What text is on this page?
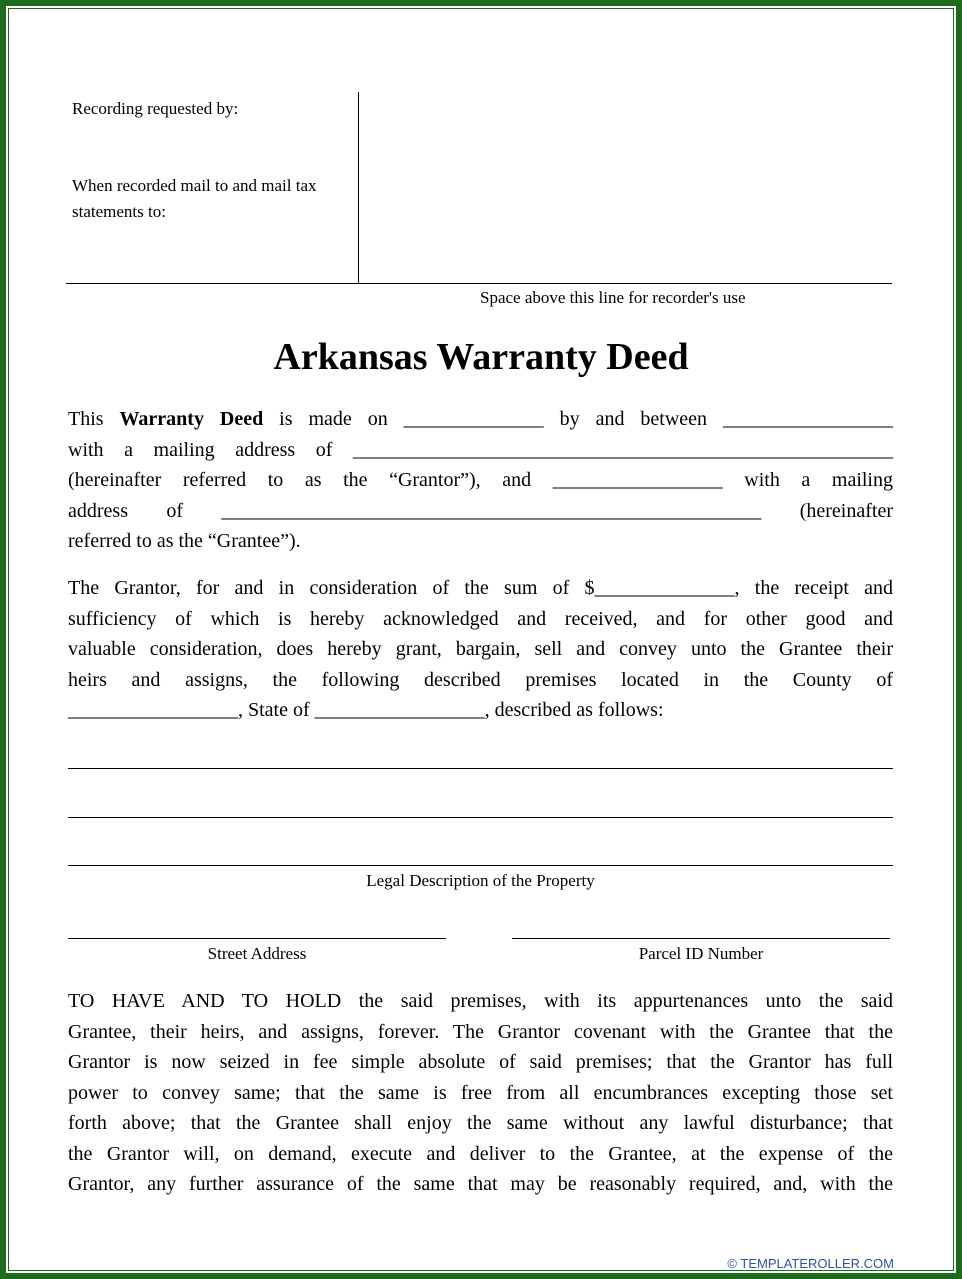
Recording requested by:
When recorded mail to and mail tax
statements to:
Space above this line for recorder's use
Arkansas Warranty Deed
This Warranty Deed is made on ______________ by and between _________________
with a mailing address of ______________________________________________________
(hereinafter referred to as the “Grantor”), and _________________ with a mailing
address of ______________________________________________________ (hereinafter
referred to as the “Grantee”).
The Grantor, for and in consideration of the sum of $______________, the receipt and
sufficiency of which is hereby acknowledged and received, and for other good and
valuable consideration, does hereby grant, bargain, sell and convey unto the Grantee their
heirs and assigns, the following described premises located in the County of
_________________, State of _________________, described as follows:
Legal Description of the Property
Street Address	Parcel ID Number
TO HAVE AND TO HOLD the said premises, with its appurtenances unto the said
Grantee, their heirs, and assigns, forever. The Grantor covenant with the Grantee that the
Grantor is now seized in fee simple absolute of said premises; that the Grantor has full
power to convey same; that the same is free from all encumbrances excepting those set
forth above; that the Grantee shall enjoy the same without any lawful disturbance; that
the Grantor will, on demand, execute and deliver to the Grantee, at the expense of the
Grantor, any further assurance of the same that may be reasonably required, and, with the
© TEMPLATEROLLER.COM
